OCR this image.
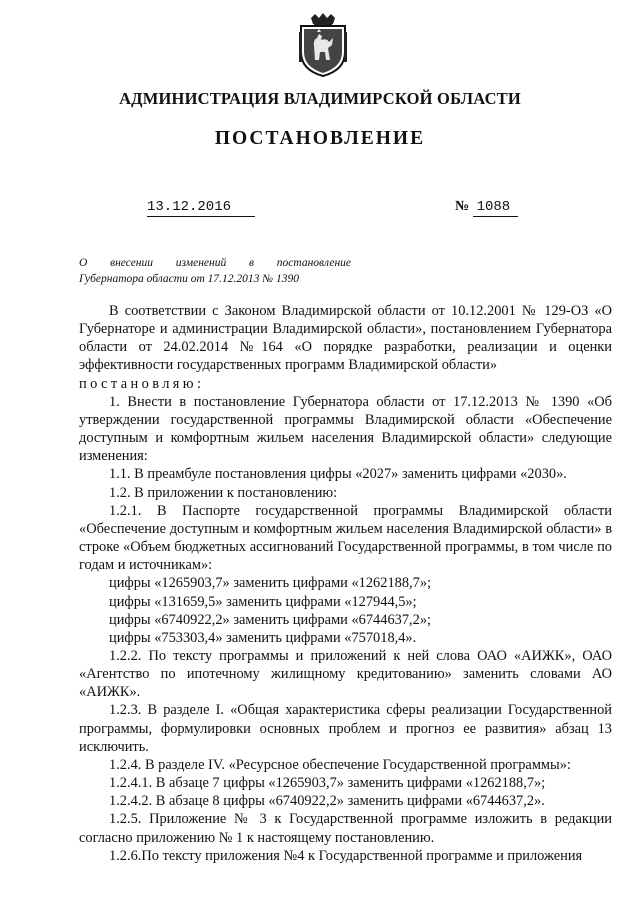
АДМИНИСТРАЦИЯ ВЛАДИМИРСКОЙ ОБЛАСТИ
ПОСТАНОВЛЕНИЕ
13.12.2016	№ 1088
О внесении изменений в постановление
Губернатора области от 17.12.2013 № 1390

В соответствии с Законом Владимирской области от 10.12.2001 № 129-ОЗ «О Губернаторе и администрации Владимирской области», постановлением Губернатора области от 24.02.2014 №164 «О порядке разработки, реализации и оценки эффективности государственных программ Владимирской области»

постановляю:

1. Внести в постановление Губернатора области от 17.12.2013 № 1390 «Об утверждении государственной программы Владимирской области «Обеспечение доступным и комфортным жильем населения Владимирской области» следующие изменения:

1.1. В преамбуле постановления цифры «2027» заменить цифрами «2030».

1.2. В приложении к постановлению:

1.2.1. В Паспорте государственной программы Владимирской области «Обеспечение доступным и комфортным жильем населения Владимирской области» в строке «Объем бюджетных ассигнований Государственной программы, в том числе по годам и источникам»:

цифры «1265903,7» заменить цифрами «1262188,7»;

цифры «131659,5» заменить цифрами «127944,5»;

цифры «6740922,2» заменить цифрами «6744637,2»;

цифры «753303,4» заменить цифрами «757018,4».

1.2.2. По тексту программы и приложений к ней слова ОАО «АИЖК», ОАО «Агентство по ипотечному жилищному кредитованию» заменить словами АО «АИЖК».

1.2.3. В разделе I. «Общая характеристика сферы реализации Государственной программы, формулировки основных проблем и прогноз ее развития» абзац 13 исключить.

1.2.4. В разделе IV. «Ресурсное обеспечение Государственной программы»:

1.2.4.1. В абзаце 7 цифры «1265903,7» заменить цифрами «1262188,7»;

1.2.4.2. В абзаце 8 цифры «6740922,2» заменить цифрами «6744637,2».

1.2.5. Приложение № 3 к Государственной программе изложить в редакции согласно приложению № 1 к настоящему постановлению.

1.2.6.По тексту приложения №4 к Государственной программе и приложения
